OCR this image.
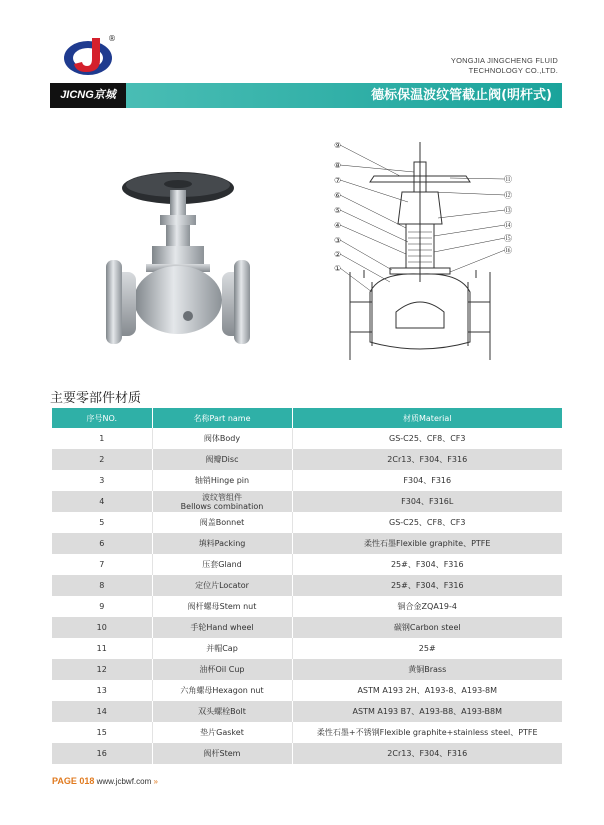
®
YONGJIA JINGCHENG FLUID
TECHNOLOGY CO.,LTD.
JICNG京城	德标保温波纹管截止阀(明杆式)
⑨
⑧
⑦
⑥
⑤
④
③
②
①
⑪
⑫
⑬
⑭
⑮
⑯
主要零部件材质
序号NO.	名称Part name	材质Material

1	阀体Body	GS-C25、CF8、CF3

2	阀瓣Disc	2Cr13、F304、F316

3	轴销Hinge pin	F304、F316

4	波纹管组件
Bellows combination	F304、F316L

5	阀盖Bonnet	GS-C25、CF8、CF3

6	填料Packing	柔性石墨Flexible graphite、PTFE

7	压套Gland	25#、F304、F316

8	定位片Locator	25#、F304、F316

9	阀杆螺母Stem nut	铜合金ZQA19-4

10	手轮Hand wheel	碳钢Carbon steel

11	并帽Cap	25#

12	油杯Oil Cup	黄铜Brass

13	六角螺母Hexagon nut	ASTM A193 2H、A193-8、A193-8M

14	双头螺栓Bolt	ASTM A193 B7、A193-B8、A193-B8M

15	垫片Gasket	柔性石墨+不锈钢Flexible graphite+stainless steel、PTFE

16	阀杆Stem	2Cr13、F304、F316
PAGE 018 www.jcbwf.com »
